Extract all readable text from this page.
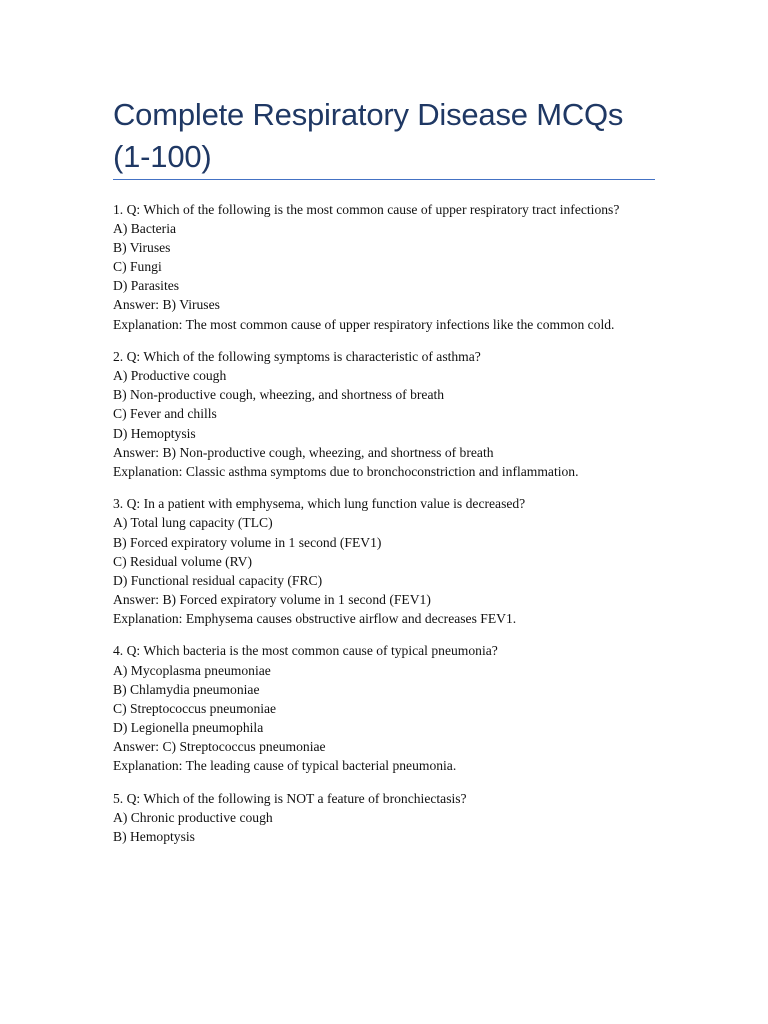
Complete Respiratory Disease MCQs (1-100)
1. Q: Which of the following is the most common cause of upper respiratory tract infections?
A) Bacteria
B) Viruses
C) Fungi
D) Parasites
Answer: B) Viruses
Explanation: The most common cause of upper respiratory infections like the common cold.
2. Q: Which of the following symptoms is characteristic of asthma?
A) Productive cough
B) Non-productive cough, wheezing, and shortness of breath
C) Fever and chills
D) Hemoptysis
Answer: B) Non-productive cough, wheezing, and shortness of breath
Explanation: Classic asthma symptoms due to bronchoconstriction and inflammation.
3. Q: In a patient with emphysema, which lung function value is decreased?
A) Total lung capacity (TLC)
B) Forced expiratory volume in 1 second (FEV1)
C) Residual volume (RV)
D) Functional residual capacity (FRC)
Answer: B) Forced expiratory volume in 1 second (FEV1)
Explanation: Emphysema causes obstructive airflow and decreases FEV1.
4. Q: Which bacteria is the most common cause of typical pneumonia?
A) Mycoplasma pneumoniae
B) Chlamydia pneumoniae
C) Streptococcus pneumoniae
D) Legionella pneumophila
Answer: C) Streptococcus pneumoniae
Explanation: The leading cause of typical bacterial pneumonia.
5. Q: Which of the following is NOT a feature of bronchiectasis?
A) Chronic productive cough
B) Hemoptysis
